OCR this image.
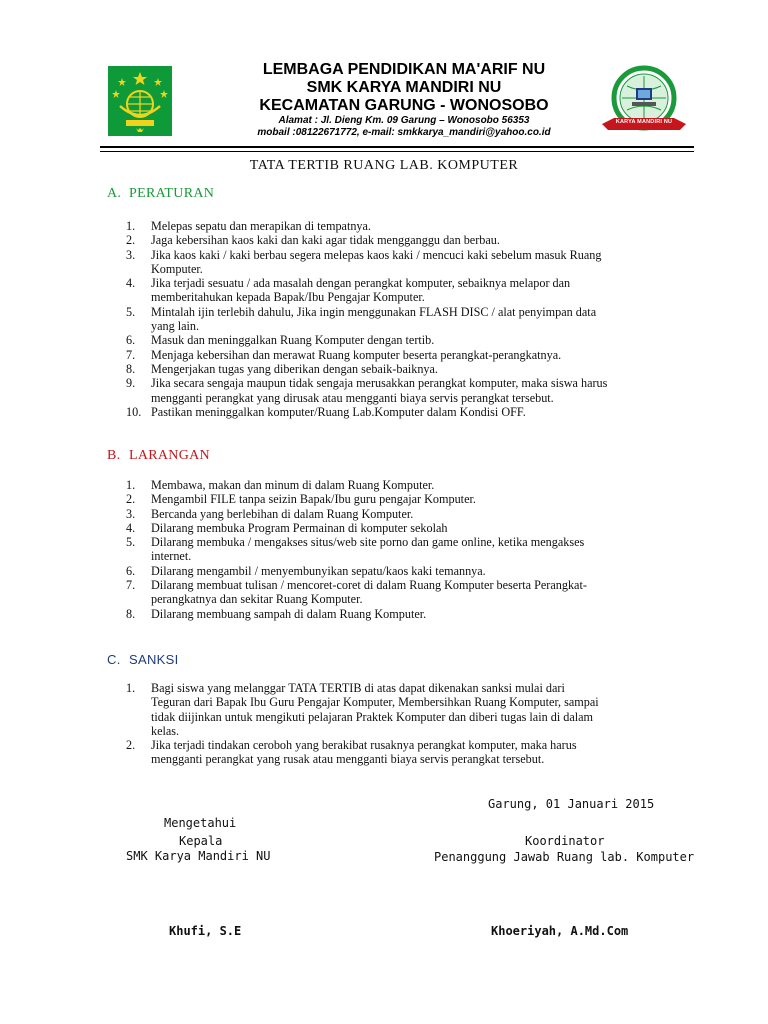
KARYA MANDIRI NU
LEMBAGA PENDIDIKAN MA'ARIF NU
SMK KARYA MANDIRI NU
KECAMATAN GARUNG - WONOSOBO
Alamat : Jl. Dieng Km. 09 Garung – Wonosobo 56353
mobail :08122671772, e-mail: smkkarya_mandiri@yahoo.co.id
TATA TERTIB RUANG LAB. KOMPUTER
A. PERATURAN
1.	Melepas sepatu dan merapikan di tempatnya.
2.	Jaga kebersihan kaos kaki dan kaki agar tidak mengganggu dan berbau.
3.	Jika kaos kaki / kaki berbau segera melepas kaos kaki / mencuci kaki sebelum masuk Ruang
Komputer.
4.	Jika terjadi sesuatu / ada masalah dengan perangkat komputer, sebaiknya melapor dan
memberitahukan kepada Bapak/Ibu Pengajar Komputer.
5.	Mintalah ijin terlebih dahulu, Jika ingin menggunakan FLASH DISC / alat penyimpan data
yang lain.
6.	Masuk dan meninggalkan Ruang Komputer dengan tertib.
7.	Menjaga kebersihan dan merawat Ruang komputer beserta perangkat-perangkatnya.
8.	Mengerjakan tugas yang diberikan dengan sebaik-baiknya.
9.	Jika secara sengaja maupun tidak sengaja merusakkan perangkat komputer, maka siswa harus
mengganti perangkat yang dirusak atau mengganti biaya servis perangkat tersebut.
10. Pastikan meninggalkan komputer/Ruang Lab.Komputer dalam Kondisi OFF.
B. LARANGAN
1.	Membawa, makan dan minum di dalam Ruang Komputer.
2.	Mengambil FILE tanpa seizin Bapak/Ibu guru pengajar Komputer.
3.	Bercanda yang berlebihan di dalam Ruang Komputer.
4.	Dilarang membuka Program Permainan di komputer sekolah
5.	Dilarang membuka / mengakses situs/web site porno dan game online, ketika mengakses
internet.
6.	Dilarang mengambil / menyembunyikan sepatu/kaos kaki temannya.
7.	Dilarang membuat tulisan / mencoret-coret di dalam Ruang Komputer beserta Perangkat-
perangkatnya dan sekitar Ruang Komputer.
8.	Dilarang membuang sampah di dalam Ruang Komputer.
C. SANKSI
1.	Bagi siswa yang melanggar TATA TERTIB di atas dapat dikenakan sanksi mulai dari
Teguran dari Bapak Ibu Guru Pengajar Komputer, Membersihkan Ruang Komputer, sampai
tidak diijinkan untuk mengikuti pelajaran Praktek Komputer dan diberi tugas lain di dalam
kelas.
2.	Jika terjadi tindakan ceroboh yang berakibat rusaknya perangkat komputer, maka harus
mengganti perangkat yang rusak atau mengganti biaya servis perangkat tersebut.
Garung, 01 Januari 2015
Mengetahui
Kepala
SMK Karya Mandiri NU
Koordinator
Penanggung Jawab Ruang lab. Komputer
Khufi, S.E	Khoeriyah, A.Md.Com
